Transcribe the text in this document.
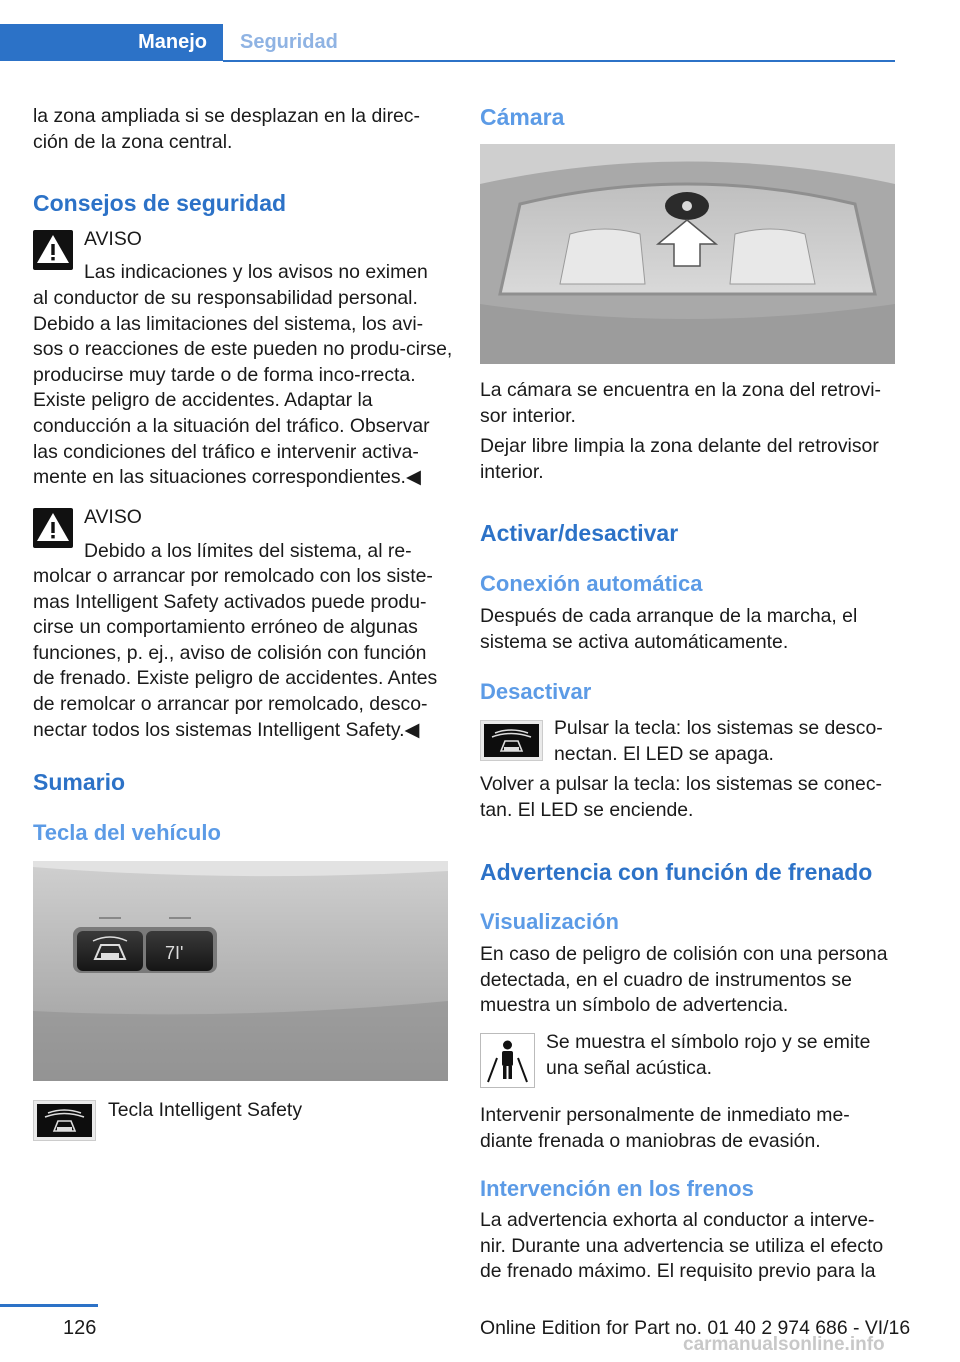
Manejo Seguridad

la zona ampliada si se desplazan en la direc-
ción de la zona central.

Consejos de seguridad

AVISO

Las indicaciones y los avisos no eximen

al conductor de su responsabilidad personal. Debido a las limitaciones del sistema, los avi-sos o reacciones de este pueden no produ-cirse, producirse muy tarde o de forma inco-rrecta. Existe peligro de accidentes. Adaptar la conducción a la situación del tráfico. Observar las condiciones del tráfico e intervenir activa-mente en las situaciones correspondientes.◀

AVISO

Debido a los límites del sistema, al re-

molcar o arrancar por remolcado con los siste-mas Intelligent Safety activados puede produ-cirse un comportamiento erróneo de algunas funciones, p. ej., aviso de colisión con función de frenado. Existe peligro de accidentes. Antes de remolcar o arrancar por remolcado, desco-nectar todos los sistemas Intelligent Safety.◀

Sumario
Tecla del vehículo
7I'

Tecla Intelligent Safety

Cámara

La cámara se encuentra en la zona del retrovi-
sor interior.

Dejar libre limpia la zona delante del retrovisor
interior.

Activar/desactivar
Conexión automática

Después de cada arranque de la marcha, el
sistema se activa automáticamente.

Desactivar

Pulsar la tecla: los sistemas se desco-
nectan. El LED se apaga.

Volver a pulsar la tecla: los sistemas se conec-
tan. El LED se enciende.

Advertencia con función de frenado
Visualización

En caso de peligro de colisión con una persona
detectada, en el cuadro de instrumentos se
muestra un símbolo de advertencia.

Se muestra el símbolo rojo y se emite
una señal acústica.

Intervenir personalmente de inmediato me-
diante frenada o maniobras de evasión.

Intervención en los frenos

La advertencia exhorta al conductor a interve-
nir. Durante una advertencia se utiliza el efecto
de frenado máximo. El requisito previo para la

126	Online Edition for Part no. 01 40 2 974 686 - VI/16
carmanualsonline.info
